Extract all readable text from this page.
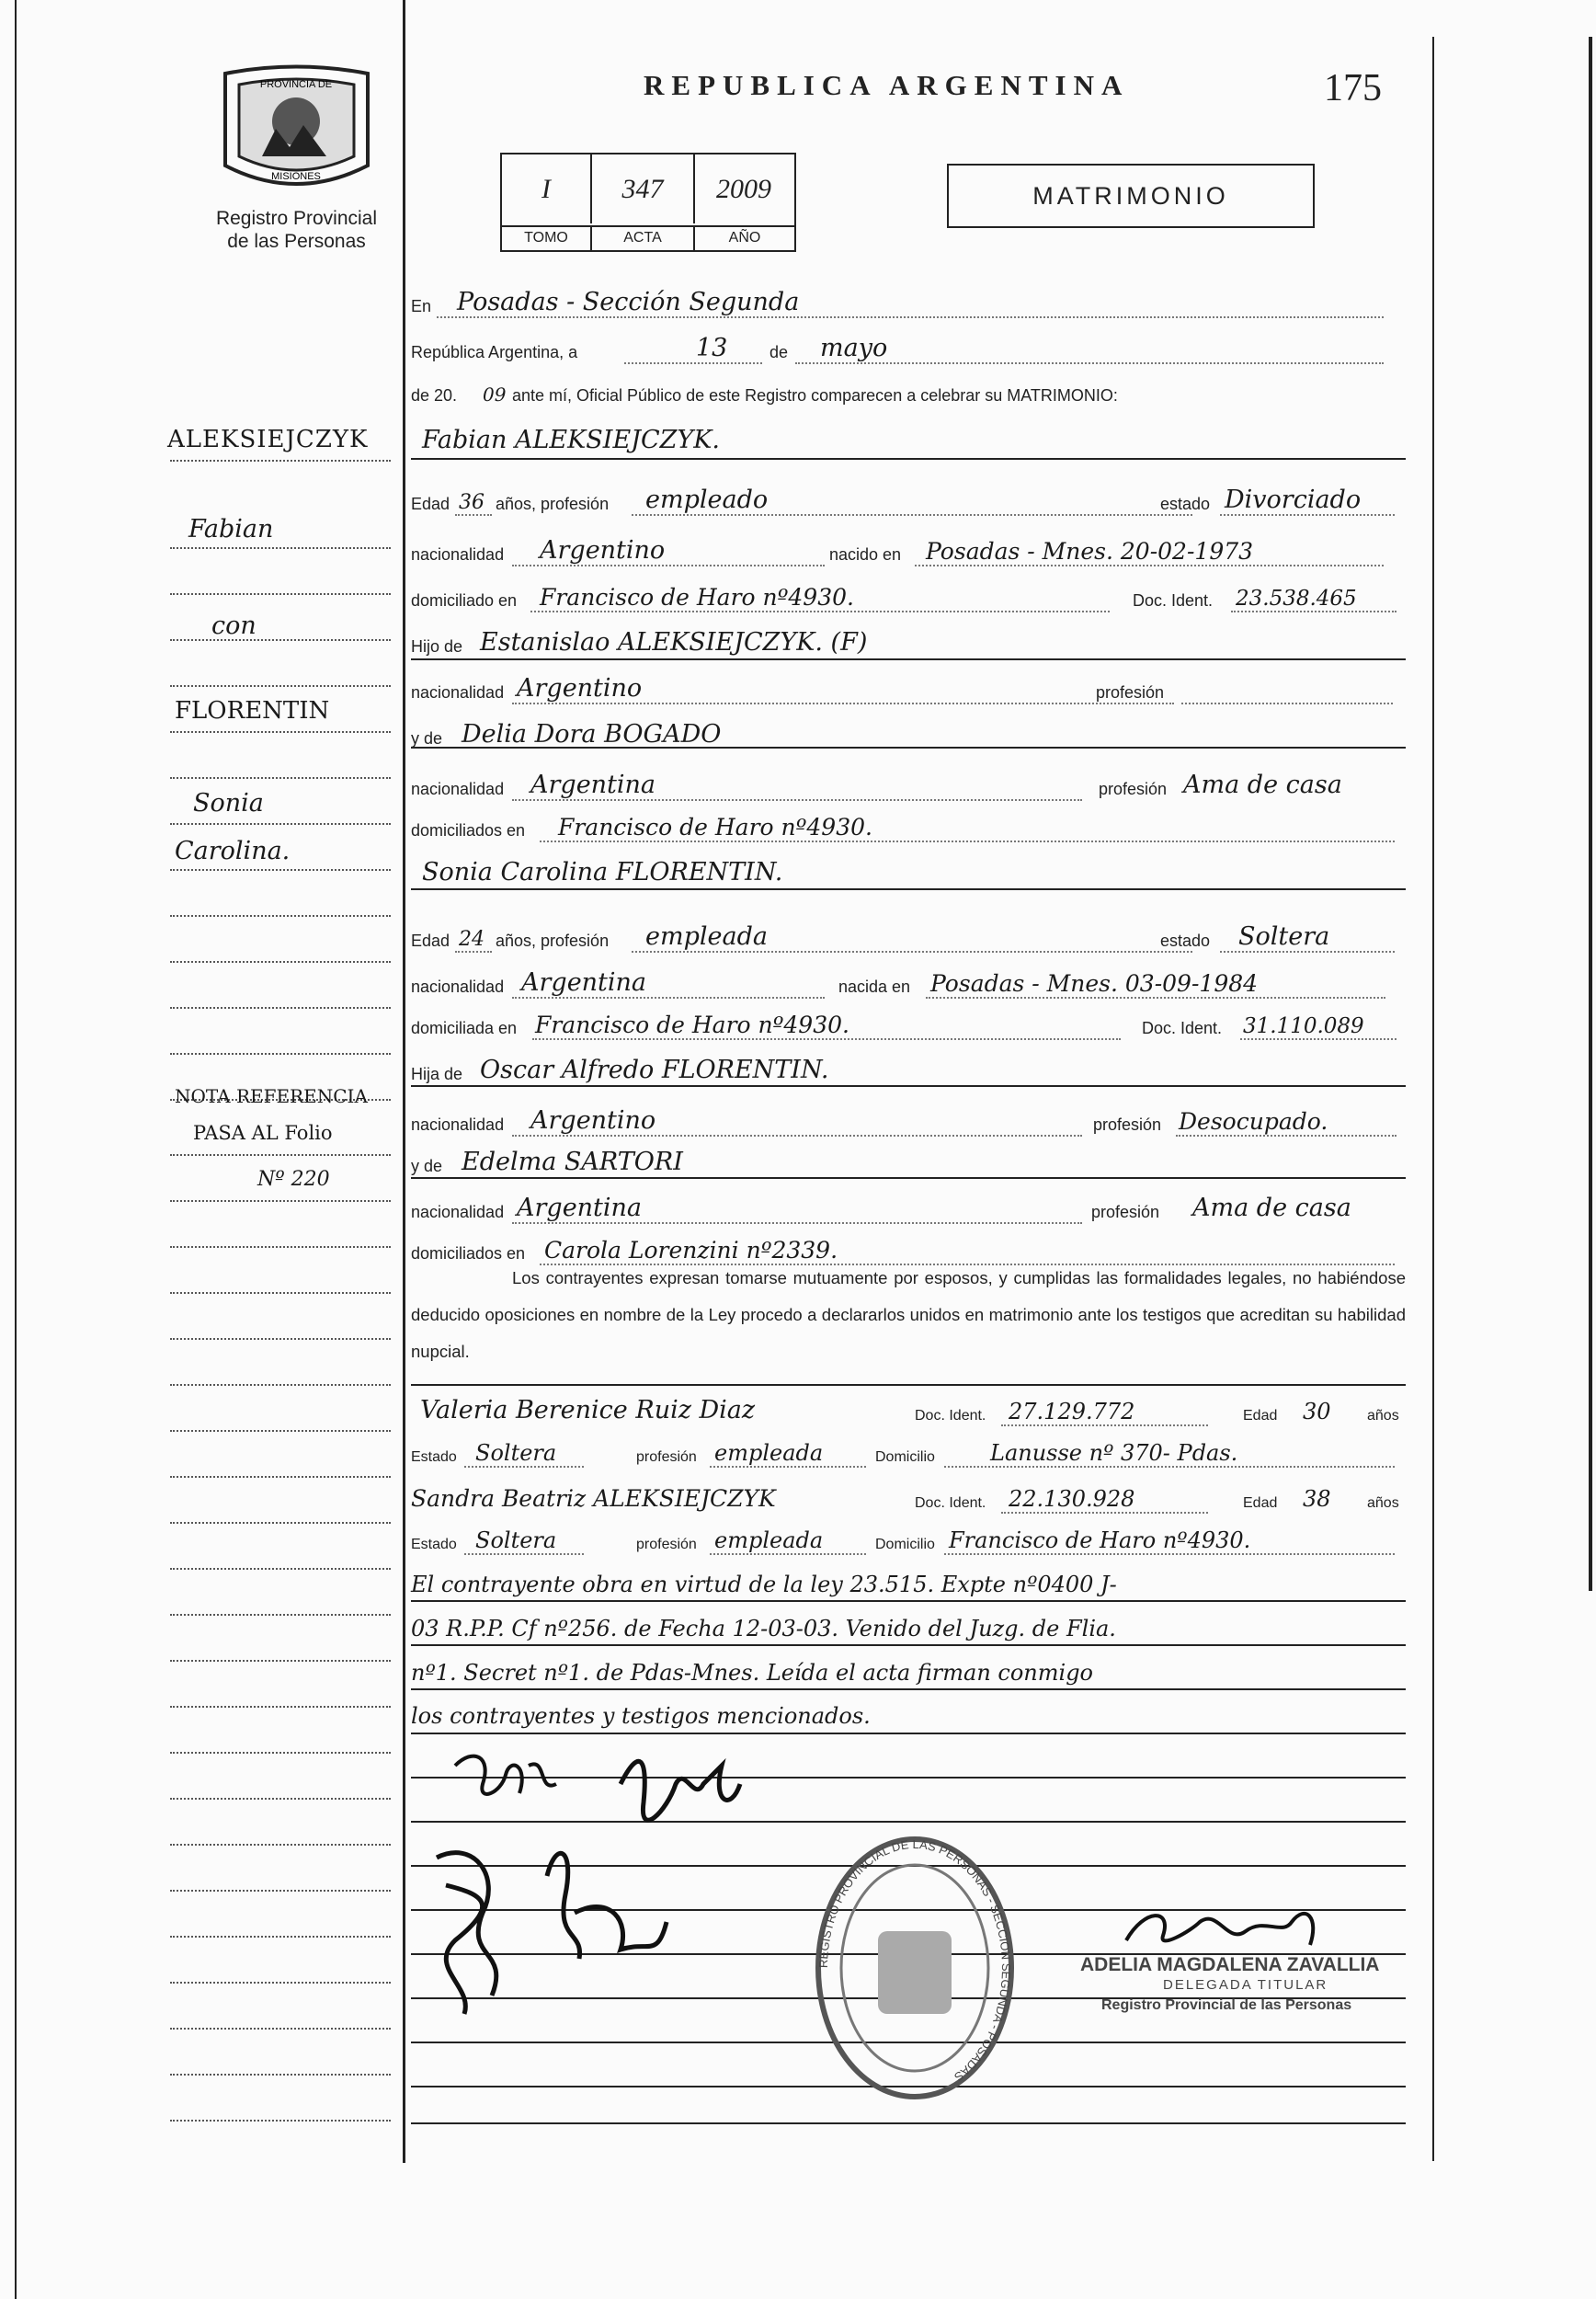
PROVINCIA DE
MISIONES
Registro Provincial
de las Personas
REPUBLICA ARGENTINA	175
I	347	2009
TOMO	ACTA	AÑO
MATRIMONIO
En Posadas - Sección Segunda
República Argentina, a	13	de mayo
de 20. 09 ante mí, Oficial Público de este Registro comparecen a celebrar su MATRIMONIO:
Fabian ALEKSIEJCZYK.
Edad 36 años, profesión empleado	estado Divorciado
nacionalidad Argentino	nacido en Posadas - Mnes. 20-02-1973
domiciliado en Francisco de Haro nº4930.	Doc. Ident. 23.538.465
Hijo de Estanislao ALEKSIEJCZYK. (F)
nacionalidad Argentino	profesión
y de Delia Dora BOGADO
nacionalidad Argentina	profesión Ama de casa
domiciliados en Francisco de Haro nº4930.
Sonia Carolina FLORENTIN.
Edad 24 años, profesión empleada	estado Soltera
nacionalidad Argentina	nacida en Posadas - Mnes. 03-09-1984
domiciliada en Francisco de Haro nº4930.	Doc. Ident. 31.110.089
Hija de Oscar Alfredo FLORENTIN.
nacionalidad Argentino	profesión Desocupado.
y de Edelma SARTORI
nacionalidad Argentina	profesión Ama de casa
domiciliados en Carola Lorenzini nº2339.
Los contrayentes expresan tomarse mutuamente por esposos, y cumplidas las formalidades legales, no habiéndose deducido oposiciones en nombre de la Ley procedo a declararlos unidos en matrimonio ante los testigos que acreditan su habilidad nupcial.
Valeria Berenice Ruiz Diaz	Doc. Ident. 27.129.772	Edad 30 años
Estado Soltera	profesión empleada	Domicilio	Lanusse nº 370- Pdas.
Sandra Beatriz ALEKSIEJCZYK	Doc. Ident. 22.130.928	Edad 38 años
Estado Soltera	profesión empleada	Domicilio Francisco de Haro nº4930.
El contrayente obra en virtud de la ley 23.515. Expte nº0400 J-
03 R.P.P. Cf nº256. de Fecha 12-03-03. Venido del Juzg. de Flia.
nº1. Secret nº1. de Pdas-Mnes. Leída el acta firman conmigo
los contrayentes y testigos mencionados.
REGISTRO PROVINCIAL DE LAS PERSONAS - SECCION SEGUNDA - POSADAS
ADELIA MAGDALENA ZAVALLIA
DELEGADA TITULAR
Registro Provincial de las Personas
ALEKSIEJCZYK
Fabian
con
FLORENTIN
Sonia
Carolina.
NOTA REFERENCIA
PASA AL Folio
Nº 220
